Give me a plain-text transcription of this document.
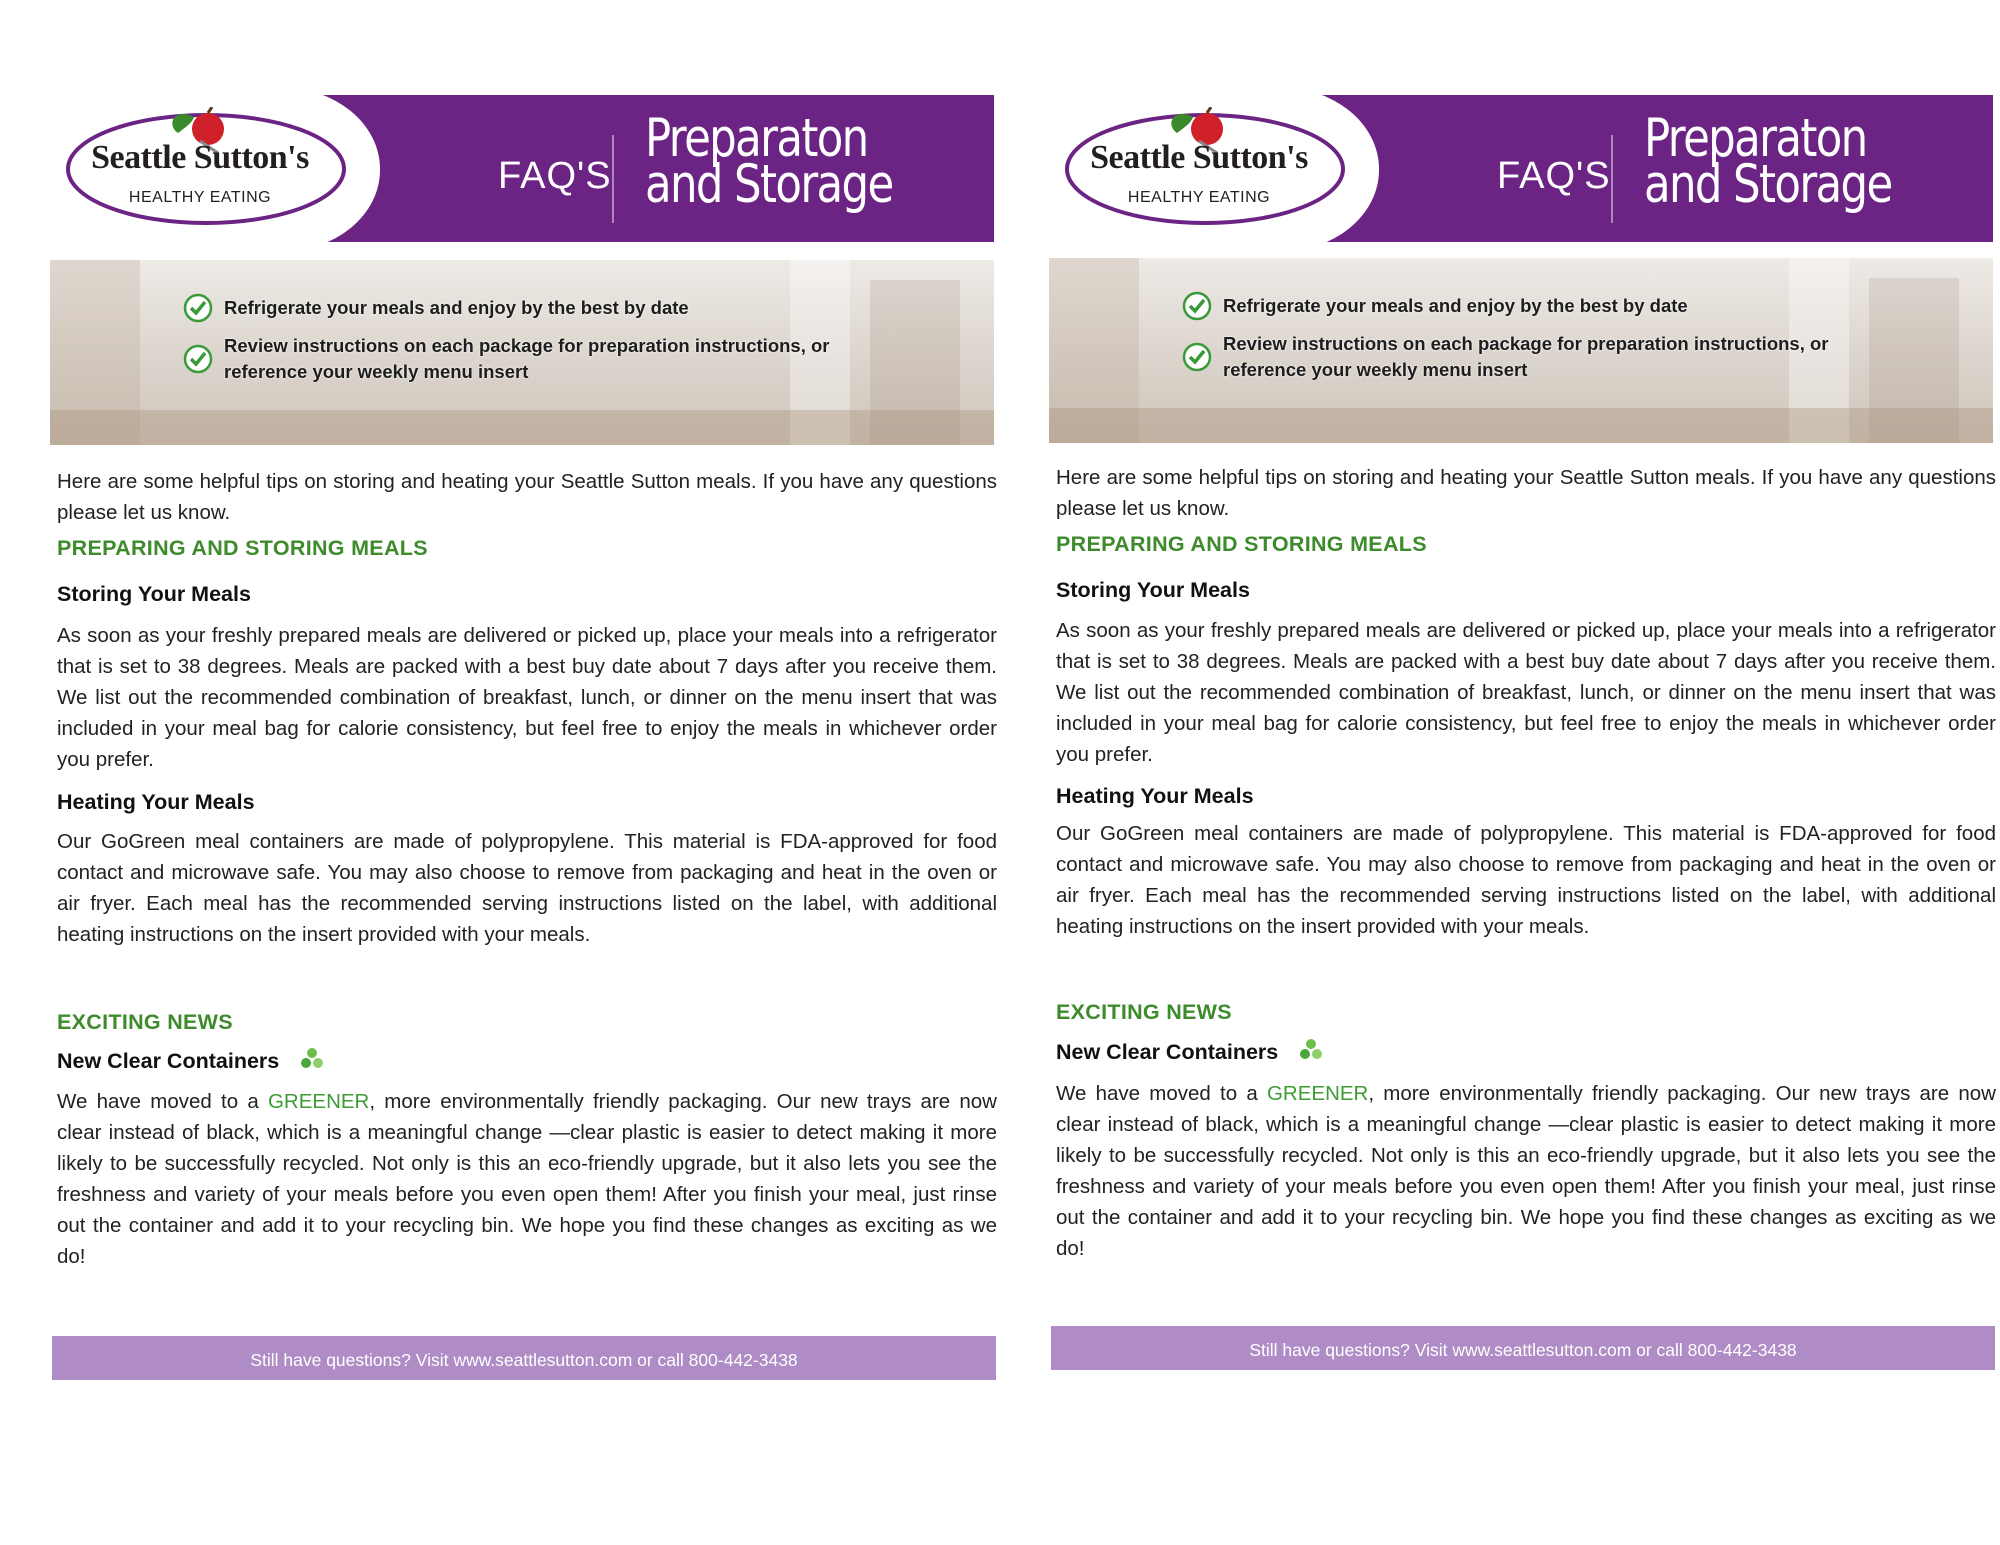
Seattle Sutton's
HEALTHY EATING
FAQ'S
Preparaton
and Storage
Refrigerate your meals and enjoy by the best by date
Review instructions on each package for preparation instructions, or reference your weekly menu insert
Here are some helpful tips on storing and heating your Seattle Sutton meals. If you have any questions please let us know.
PREPARING AND STORING MEALS
Storing Your Meals
As soon as your freshly prepared meals are delivered or picked up, place your meals into a refrigerator that is set to 38 degrees. Meals are packed with a best buy date about 7 days after you receive them. We list out the recommended combination of breakfast, lunch, or dinner on the menu insert that was included in your meal bag for calorie consistency, but feel free to enjoy the meals in whichever order you prefer.
Heating Your Meals
Our GoGreen meal containers are made of polypropylene. This material is FDA-approved for food contact and microwave safe. You may also choose to remove from packaging and heat in the oven or air fryer. Each meal has the recommended serving instructions listed on the label, with additional heating instructions on the insert provided with your meals.
EXCITING NEWS
New Clear Containers
We have moved to a GREENER, more environmentally friendly packaging. Our new trays are now clear instead of black, which is a meaningful change —clear plastic is easier to detect making it more likely to be successfully recycled. Not only is this an eco-friendly upgrade, but it also lets you see the freshness and variety of your meals before you even open them! After you finish your meal, just rinse out the container and add it to your recycling bin. We hope you find these changes as exciting as we do!
Still have questions? Visit www.seattlesutton.com or call 800-442-3438
Seattle Sutton's
HEALTHY EATING
FAQ'S
Preparaton
and Storage
Refrigerate your meals and enjoy by the best by date
Review instructions on each package for preparation instructions, or reference your weekly menu insert
Here are some helpful tips on storing and heating your Seattle Sutton meals. If you have any questions please let us know.
PREPARING AND STORING MEALS
Storing Your Meals
As soon as your freshly prepared meals are delivered or picked up, place your meals into a refrigerator that is set to 38 degrees. Meals are packed with a best buy date about 7 days after you receive them. We list out the recommended combination of breakfast, lunch, or dinner on the menu insert that was included in your meal bag for calorie consistency, but feel free to enjoy the meals in whichever order you prefer.
Heating Your Meals
Our GoGreen meal containers are made of polypropylene. This material is FDA-approved for food contact and microwave safe. You may also choose to remove from packaging and heat in the oven or air fryer. Each meal has the recommended serving instructions listed on the label, with additional heating instructions on the insert provided with your meals.
EXCITING NEWS
New Clear Containers
We have moved to a GREENER, more environmentally friendly packaging. Our new trays are now clear instead of black, which is a meaningful change —clear plastic is easier to detect making it more likely to be successfully recycled. Not only is this an eco-friendly upgrade, but it also lets you see the freshness and variety of your meals before you even open them! After you finish your meal, just rinse out the container and add it to your recycling bin. We hope you find these changes as exciting as we do!
Still have questions? Visit www.seattlesutton.com or call 800-442-3438
